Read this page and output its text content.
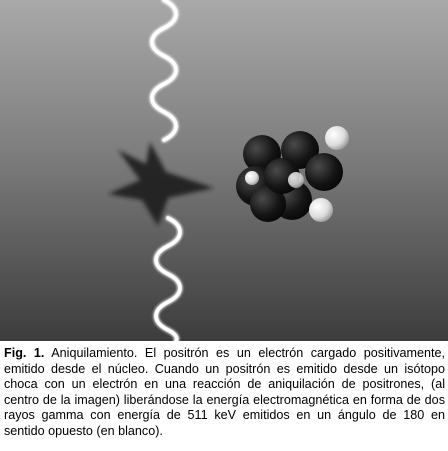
Fig. 1. Aniquilamiento. El positrón es un electrón cargado positivamente, emitido desde el núcleo. Cuando un positrón es emitido desde un isótopo choca con un electrón en una reacción de aniquilación de positrones, (al centro de la imagen) liberándose la energía electromagnética en forma de dos rayos gamma con energía de 511 keV emitidos en un ángulo de 180 en sentido opuesto (en blanco).
